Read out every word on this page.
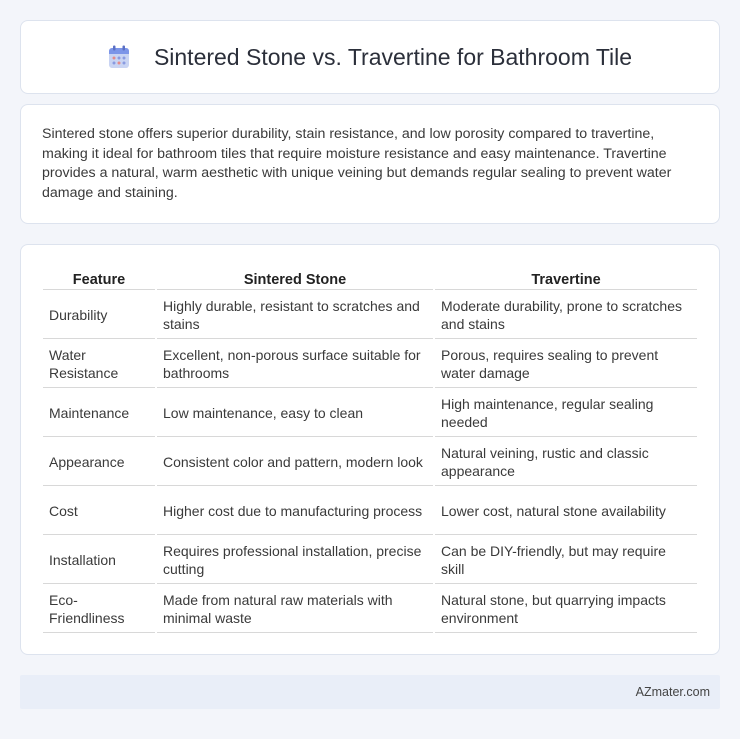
Sintered Stone vs. Travertine for Bathroom Tile

Sintered stone offers superior durability, stain resistance, and low porosity compared to travertine, making it ideal for bathroom tiles that require moisture resistance and easy maintenance. Travertine provides a natural, warm aesthetic with unique veining but demands regular sealing to prevent water damage and staining.

Feature	Sintered Stone	Travertine
Durability	Highly durable, resistant to scratches and stains	Moderate durability, prone to scratches and stains
Water Resistance	Excellent, non-porous surface suitable for bathrooms	Porous, requires sealing to prevent water damage
Maintenance	Low maintenance, easy to clean	High maintenance, regular sealing needed
Appearance	Consistent color and pattern, modern look	Natural veining, rustic and classic appearance
Cost	Higher cost due to manufacturing process	Lower cost, natural stone availability
Installation	Requires professional installation, precise cutting	Can be DIY-friendly, but may require skill
Eco-Friendliness	Made from natural raw materials with minimal waste	Natural stone, but quarrying impacts environment
AZmater.com
